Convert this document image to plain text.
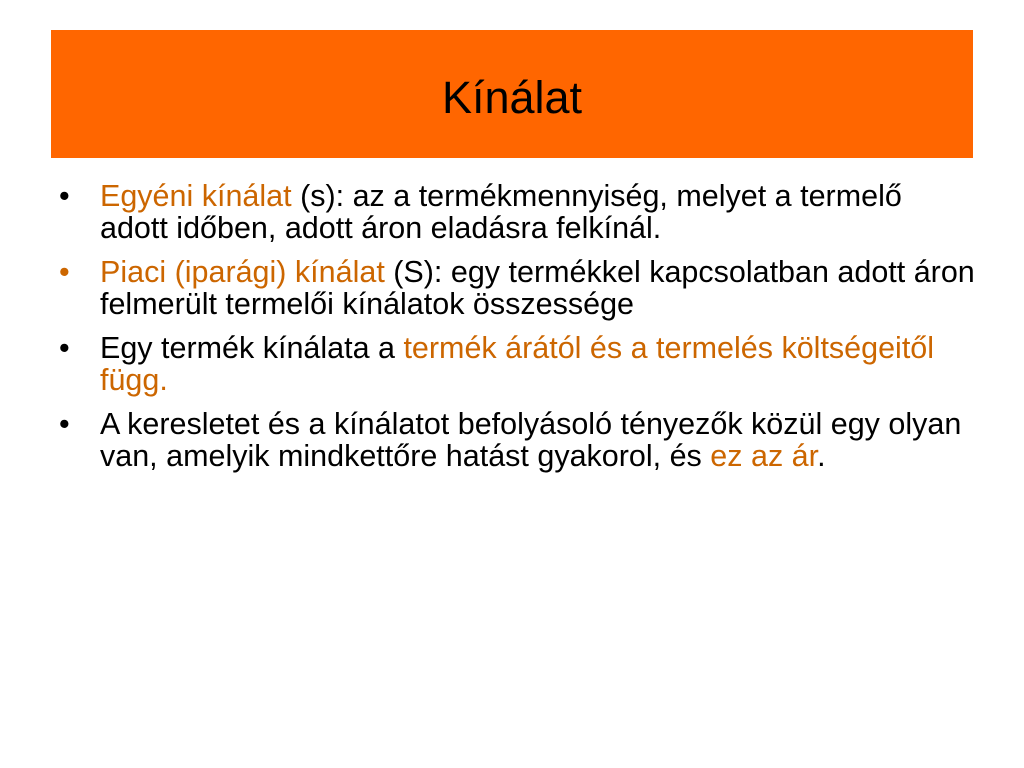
Kínálat
• Egyéni kínálat (s): az a termékmennyiség, melyet a termelő adott időben, adott áron eladásra felkínál.
• Piaci (iparági) kínálat (S): egy termékkel kapcsolatban adott áron felmerült termelői kínálatok összessége
• Egy termék kínálata a termék árától és a termelés költségeitől függ.
• A keresletet és a kínálatot befolyásoló tényezők közül egy olyan van, amelyik mindkettőre hatást gyakorol, és ez az ár.
